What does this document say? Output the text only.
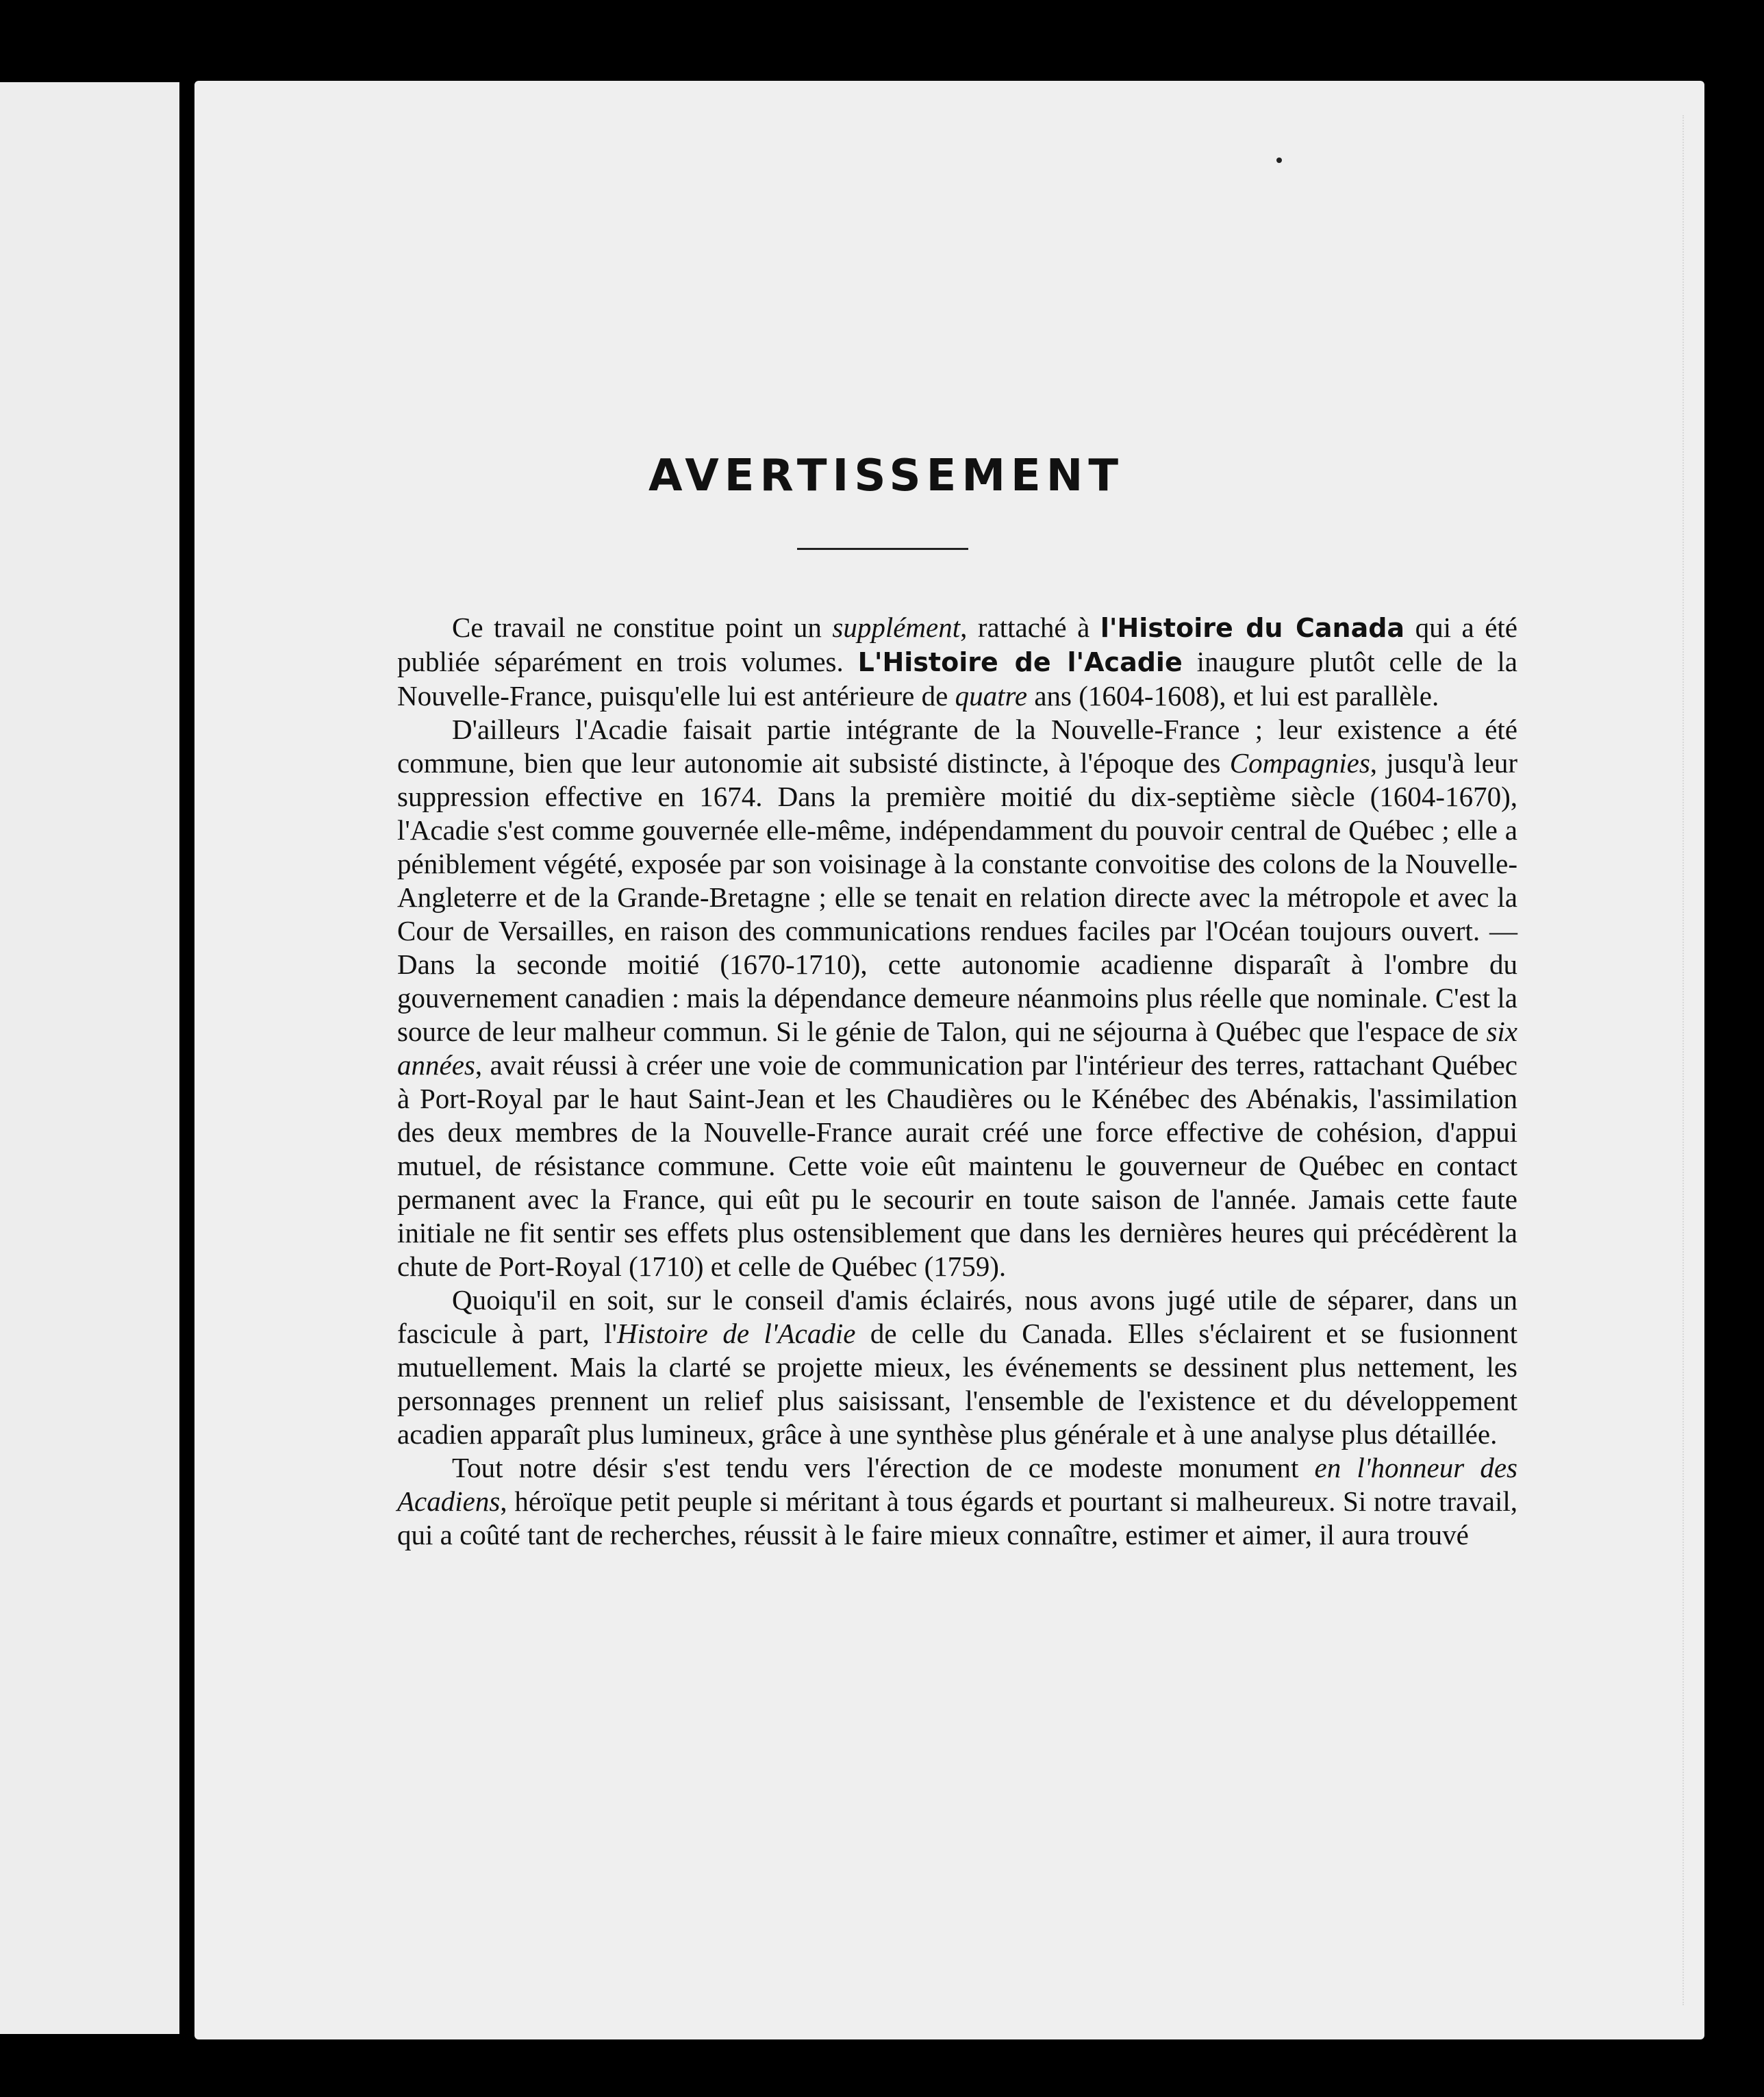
AVERTISSEMENT

Ce travail ne constitue point un supplément, rattaché à l'Histoire du Canada qui a été publiée séparément en trois volumes. L'Histoire de l'Acadie inaugure plutôt celle de la Nouvelle-France, puisqu'elle lui est antérieure de quatre ans (1604-1608), et lui est parallèle.

D'ailleurs l'Acadie faisait partie intégrante de la Nouvelle-France ; leur existence a été commune, bien que leur autonomie ait subsisté distincte, à l'époque des Compagnies, jusqu'à leur suppression effective en 1674. Dans la première moitié du dix-septième siècle (1604-1670), l'Acadie s'est comme gouvernée elle-même, indépendamment du pouvoir central de Québec ; elle a péniblement végété, exposée par son voisinage à la constante convoitise des colons de la Nouvelle-Angleterre et de la Grande-Bretagne ; elle se tenait en relation directe avec la métropole et avec la Cour de Versailles, en raison des communications rendues faciles par l'Océan toujours ouvert. — Dans la seconde moitié (1670-1710), cette autonomie acadienne disparaît à l'ombre du gouvernement canadien : mais la dépendance demeure néanmoins plus réelle que nominale. C'est la source de leur malheur commun. Si le génie de Talon, qui ne séjourna à Québec que l'espace de six années, avait réussi à créer une voie de communication par l'intérieur des terres, rattachant Québec à Port-Royal par le haut Saint-Jean et les Chaudières ou le Kénébec des Abénakis, l'assimilation des deux membres de la Nouvelle-France aurait créé une force effective de cohésion, d'appui mutuel, de résistance commune. Cette voie eût maintenu le gouverneur de Québec en contact permanent avec la France, qui eût pu le secourir en toute saison de l'année. Jamais cette faute initiale ne fit sentir ses effets plus ostensiblement que dans les dernières heures qui précédèrent la chute de Port-Royal (1710) et celle de Québec (1759).

Quoiqu'il en soit, sur le conseil d'amis éclairés, nous avons jugé utile de séparer, dans un fascicule à part, l'Histoire de l'Acadie de celle du Canada. Elles s'éclairent et se fusionnent mutuellement. Mais la clarté se projette mieux, les événements se dessinent plus nettement, les personnages prennent un relief plus saisissant, l'ensemble de l'existence et du développement acadien apparaît plus lumineux, grâce à une synthèse plus générale et à une analyse plus détaillée.

Tout notre désir s'est tendu vers l'érection de ce modeste monument en l'honneur des Acadiens, héroïque petit peuple si méritant à tous égards et pourtant si malheureux. Si notre travail, qui a coûté tant de recherches, réussit à le faire mieux connaître, estimer et aimer, il aura trouvé
